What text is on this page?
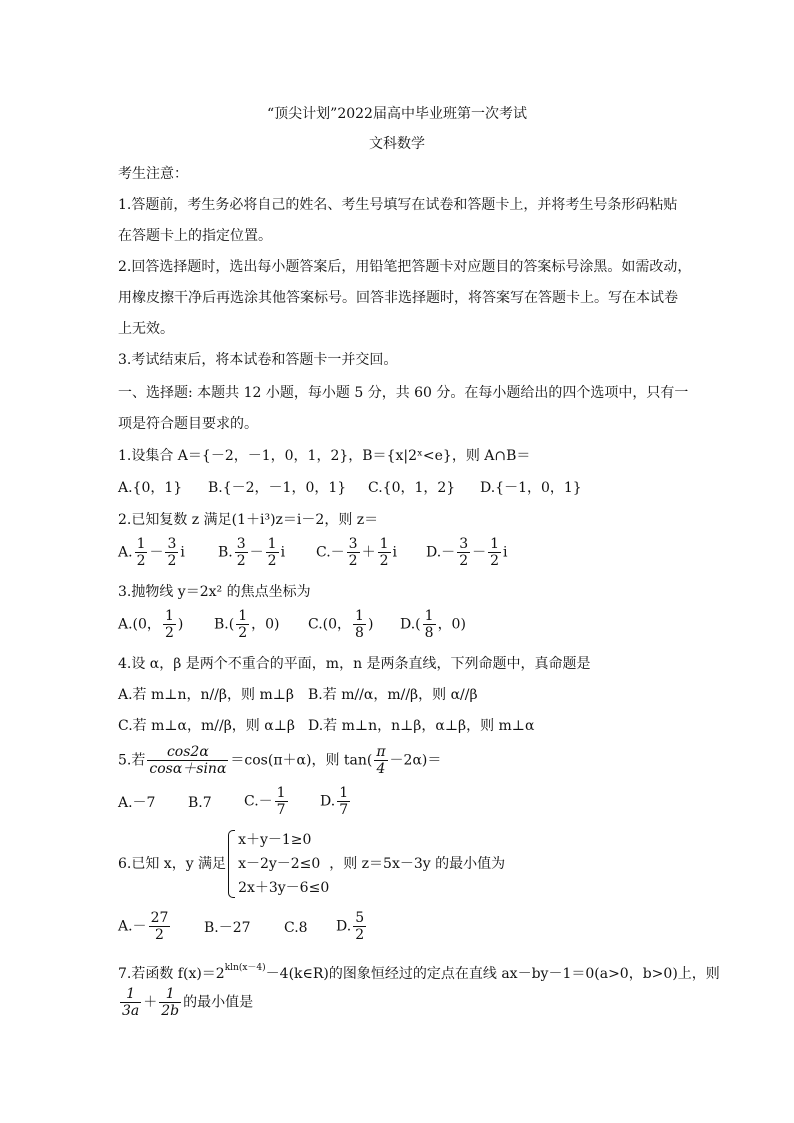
“顶尖计划”2022届高中毕业班第一次考试
文科数学
考生注意：
1.答题前，考生务必将自己的姓名、考生号填写在试卷和答题卡上，并将考生号条形码粘贴
在答题卡上的指定位置。
2.回答选择题时，选出每小题答案后，用铅笔把答题卡对应题目的答案标号涂黑。如需改动，
用橡皮擦干净后再选涂其他答案标号。回答非选择题时，将答案写在答题卡上。写在本试卷
上无效。
3.考试结束后，将本试卷和答题卡一并交回。
一、选择题: 本题共 12 小题，每小题 5 分，共 60 分。在每小题给出的四个选项中，只有一
项是符合题目要求的。
1.设集合 A＝{－2，－1，0，1，2}，B＝{x|2ˣ<e}，则 A∩B＝
A.{0，1} B.{－2，－1，0，1} C.{0，1，2} D.{－1，0，1}
2.已知复数 z 满足(1＋i³)z＝i－2，则 z＝
A. $\frac{1}{2} - \frac{3}{2}$ i B. $\frac{3}{2} - \frac{1}{2}$ i $C.- \frac{3}{2} + \frac{1}{2}$ i $D.- \frac{3}{2} - \frac{1}{2}$ i
3.抛物线 y＝2x² 的焦点坐标为
A.(0， $\frac{1}{2}$ ) $B.( \frac{1}{2}$ ，0) C.(0， $\frac{1}{8}$ ) $D.( \frac{1}{8}$ ，0)
4.设 α，β 是两个不重合的平面，m，n 是两条直线，下列命题中，真命题是
A.若 m⊥n，n//β，则 m⊥β B.若 m//α，m//β，则 α//β
C.若 m⊥α，m//β，则 α⊥β D.若 m⊥n，n⊥β，α⊥β，则 m⊥α
5.若 $\frac{\cos 2\alpha}{\cos\alpha+\sin\alpha} =\cos(\pi+\alpha)$，则 $\tan( \frac{\pi}{4} -2\alpha)=$
A.－7 B.7 $C.- \frac{1}{7} D$. $\frac{1}{7}$
6.已知 x，y 满足
x＋y－1≥0
x－2y－2≤0
2x＋3y－6≤0
，则 z＝5x－3y 的最小值为
$A.- \frac{27}{2} B.-27$ C.8 D. $\frac{5}{2}$
7.若函数 $f(x)=2^{kln(x-4)}-4(k\in R)$的图象恒经过的定点在直线 ax－by－1＝0(a>0，b>0)上，则
$\frac{1}{3a} + \frac{1}{2b}$ 的最小值是
